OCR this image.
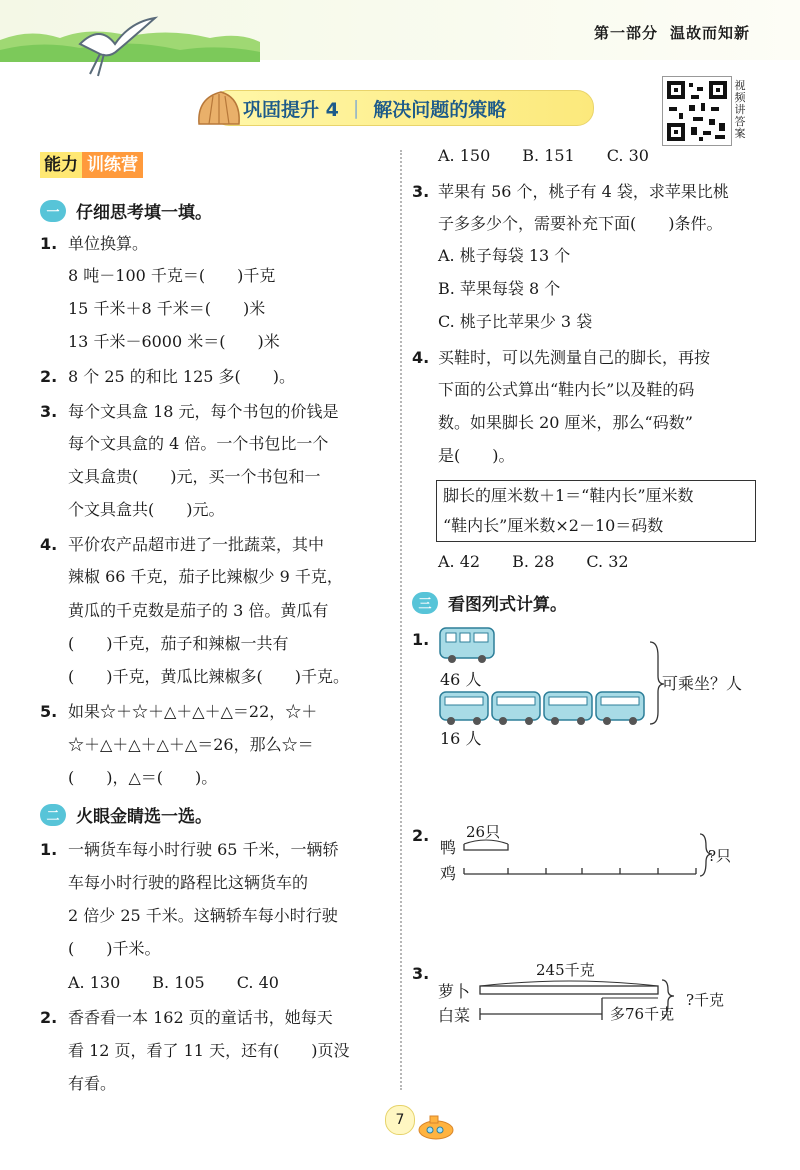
第一部分 温故而知新
巩固提升 4 | 解决问题的策略
视频讲答案
能力 训练营
一 仔细思考填一填。
1. 单位换算。
8 吨－100 千克＝(　　)千克
15 千米＋8 千米＝(　　)米
13 千米－6000 米＝(　　)米
2. 8 个 25 的和比 125 多(　　)。
3. 每个文具盒 18 元，每个书包的价钱是
每个文具盒的 4 倍。一个书包比一个
文具盒贵(　　)元，买一个书包和一
个文具盒共(　　)元。
4. 平价农产品超市进了一批蔬菜，其中
辣椒 66 千克，茄子比辣椒少 9 千克，
黄瓜的千克数是茄子的 3 倍。黄瓜有
(　　)千克，茄子和辣椒一共有
(　　)千克，黄瓜比辣椒多(　　)千克。
5. 如果☆＋☆＋△＋△＋△＝22，☆＋
☆＋△＋△＋△＋△＝26，那么☆＝
(　　)，△＝(　　)。
二 火眼金睛选一选。
1. 一辆货车每小时行驶 65 千米，一辆轿
车每小时行驶的路程比这辆货车的
2 倍少 25 千米。这辆轿车每小时行驶
(　　)千米。
A. 130　　B. 105　　C. 40
2. 香香看一本 162 页的童话书，她每天
看 12 页，看了 11 天，还有(　　)页没
有看。
A. 150　　B. 151　　C. 30
3. 苹果有 56 个，桃子有 4 袋，求苹果比桃
子多多少个，需要补充下面(　　)条件。
A. 桃子每袋 13 个
B. 苹果每袋 8 个
C. 桃子比苹果少 3 袋
4. 买鞋时，可以先测量自己的脚长，再按
下面的公式算出“鞋内长”以及鞋的码
数。如果脚长 20 厘米，那么“码数”
是(　　)。
脚长的厘米数＋1＝“鞋内长”厘米数
“鞋内长”厘米数×2－10＝码数
A. 42　　B. 28　　C. 32
三 看图列式计算。
1.
46 人
16 人
可乘坐？人
2. 26只
鸭
鸡
?只
3.	245千克
萝卜
白菜	多76千克
?千克
7
